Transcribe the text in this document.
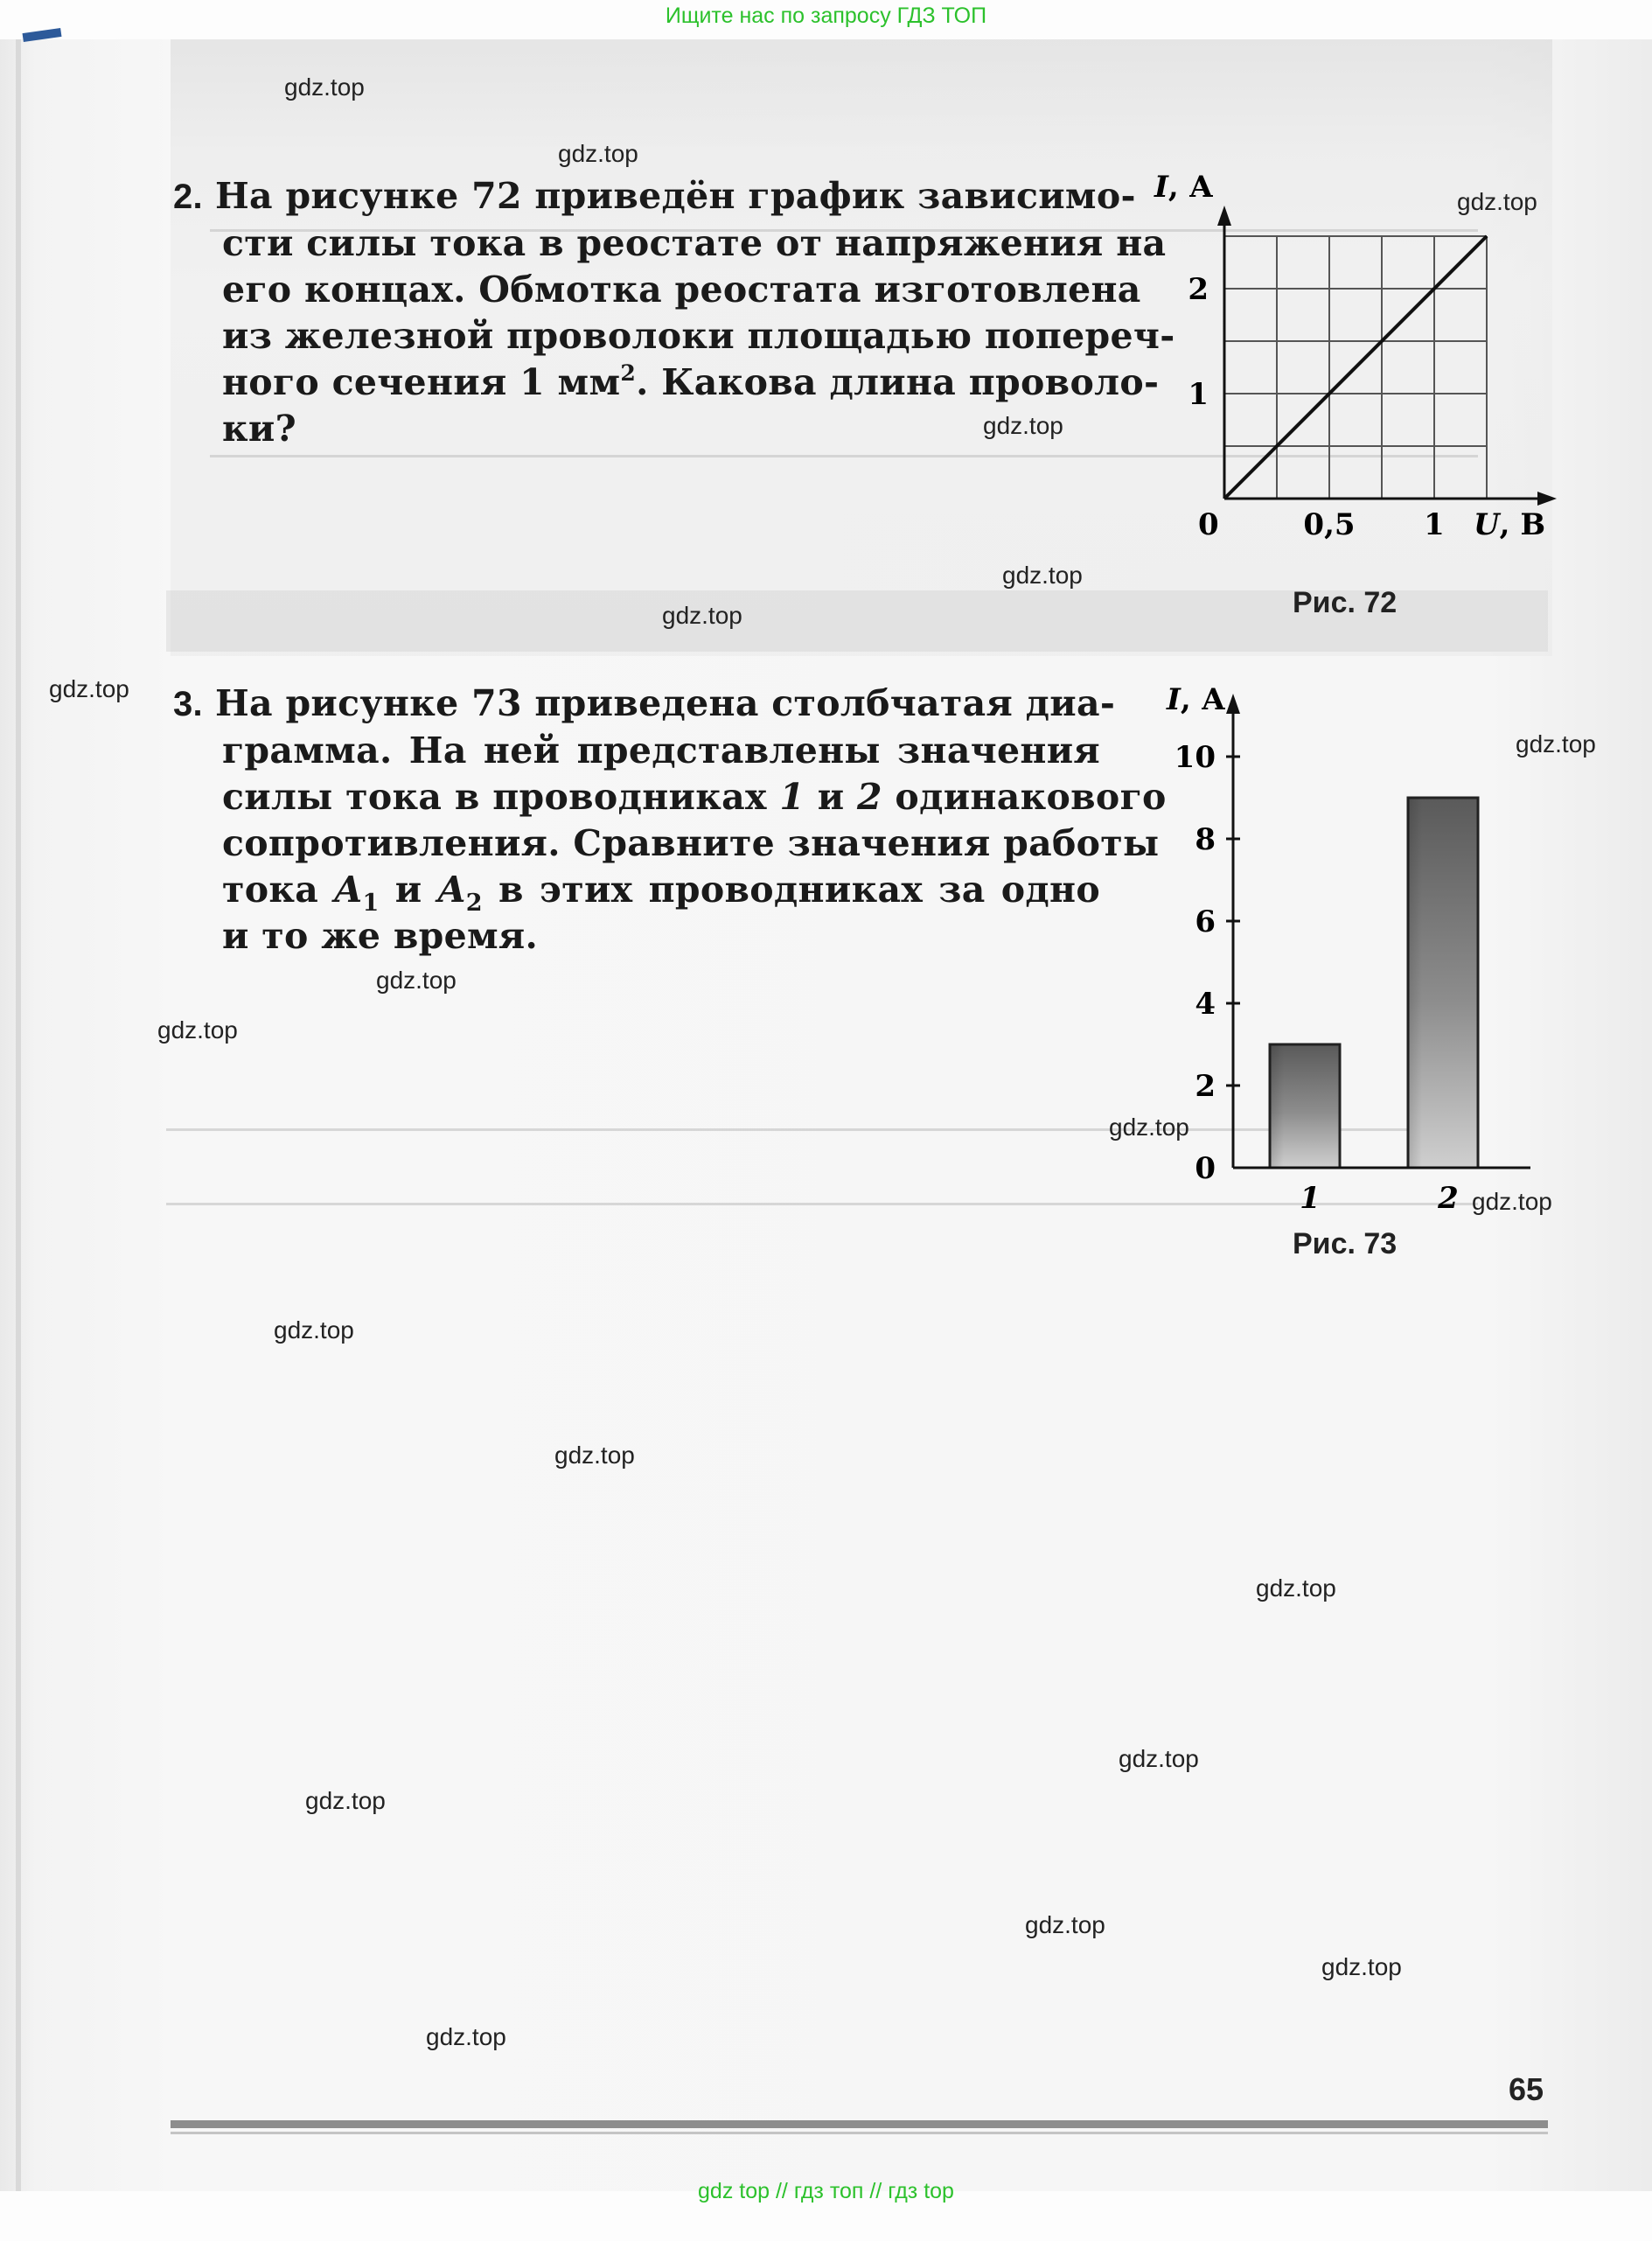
Ищите нас по запросу ГДЗ ТОП
2. На рисунке 72 приведён график зависимо-
сти силы тока в реостате от напряжения на
его концах. Обмотка реостата изготовлена
из железной проволоки площадью попереч-
ного сечения 1 $мм^2$. Какова длина проволо-
ки?
3. На рисунке 73 приведена столбчатая диа-
грамма. На ней представлены значения
силы тока в проводниках 1 и 2 одинакового
сопротивления. Сравните значения работы
тока $A_1$ и $A_2$ в этих проводниках за одно
и то же время.
0,5 1
1
2
I, А
U, В
0
Рис. 72
1	2
0
2
4
6
8
10
I, А
Рис. 73
gdz.top
gdz.top
gdz.top
gdz.top
gdz.top
gdz.top
gdz.top
gdz.top
gdz.top
gdz.top
gdz.top
gdz.top
gdz.top
gdz.top
gdz.top
gdz.top
gdz.top
gdz.top
gdz.top
gdz.top
65
gdz top // гдз топ // гдз top
